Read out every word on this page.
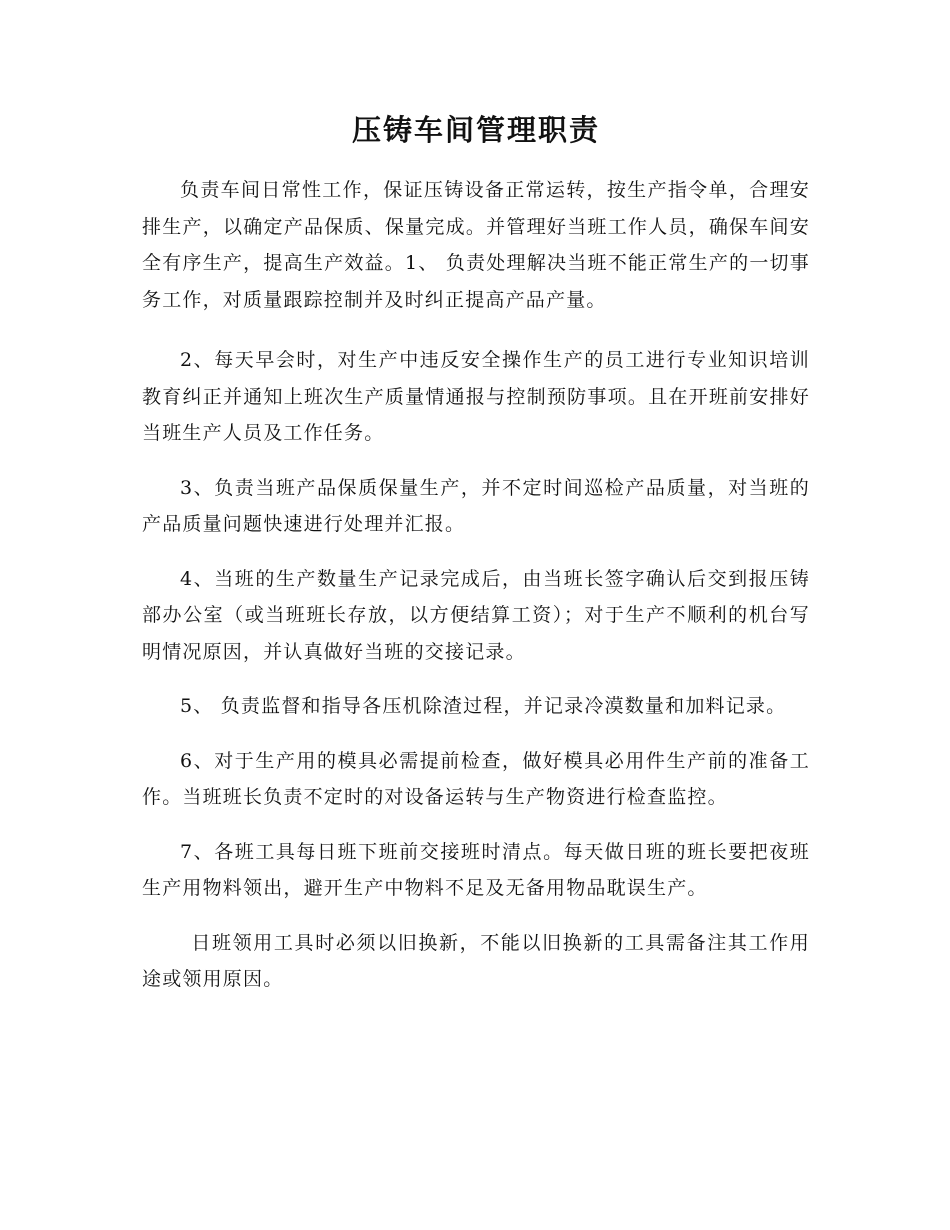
压铸车间管理职责

负责车间日常性工作，保证压铸设备正常运转，按生产指令单，合理安排生产，以确定产品保质、保量完成。并管理好当班工作人员，确保车间安全有序生产，提高生产效益。1、 负责处理解决当班不能正常生产的一切事务工作，对质量跟踪控制并及时纠正提高产品产量。

2、每天早会时，对生产中违反安全操作生产的员工进行专业知识培训教育纠正并通知上班次生产质量情通报与控制预防事项。且在开班前安排好当班生产人员及工作任务。

3、负责当班产品保质保量生产，并不定时间巡检产品质量，对当班的产品质量问题快速进行处理并汇报。

4、当班的生产数量生产记录完成后，由当班长签字确认后交到报压铸部办公室（或当班班长存放，以方便结算工资）；对于生产不顺利的机台写明情况原因，并认真做好当班的交接记录。

5、 负责监督和指导各压机除渣过程，并记录冷漠数量和加料记录。

6、对于生产用的模具必需提前检查，做好模具必用件生产前的准备工作。当班班长负责不定时的对设备运转与生产物资进行检查监控。

7、各班工具每日班下班前交接班时清点。每天做日班的班长要把夜班生产用物料领出，避开生产中物料不足及无备用物品耽误生产。

日班领用工具时必须以旧换新，不能以旧换新的工具需备注其工作用途或领用原因。
